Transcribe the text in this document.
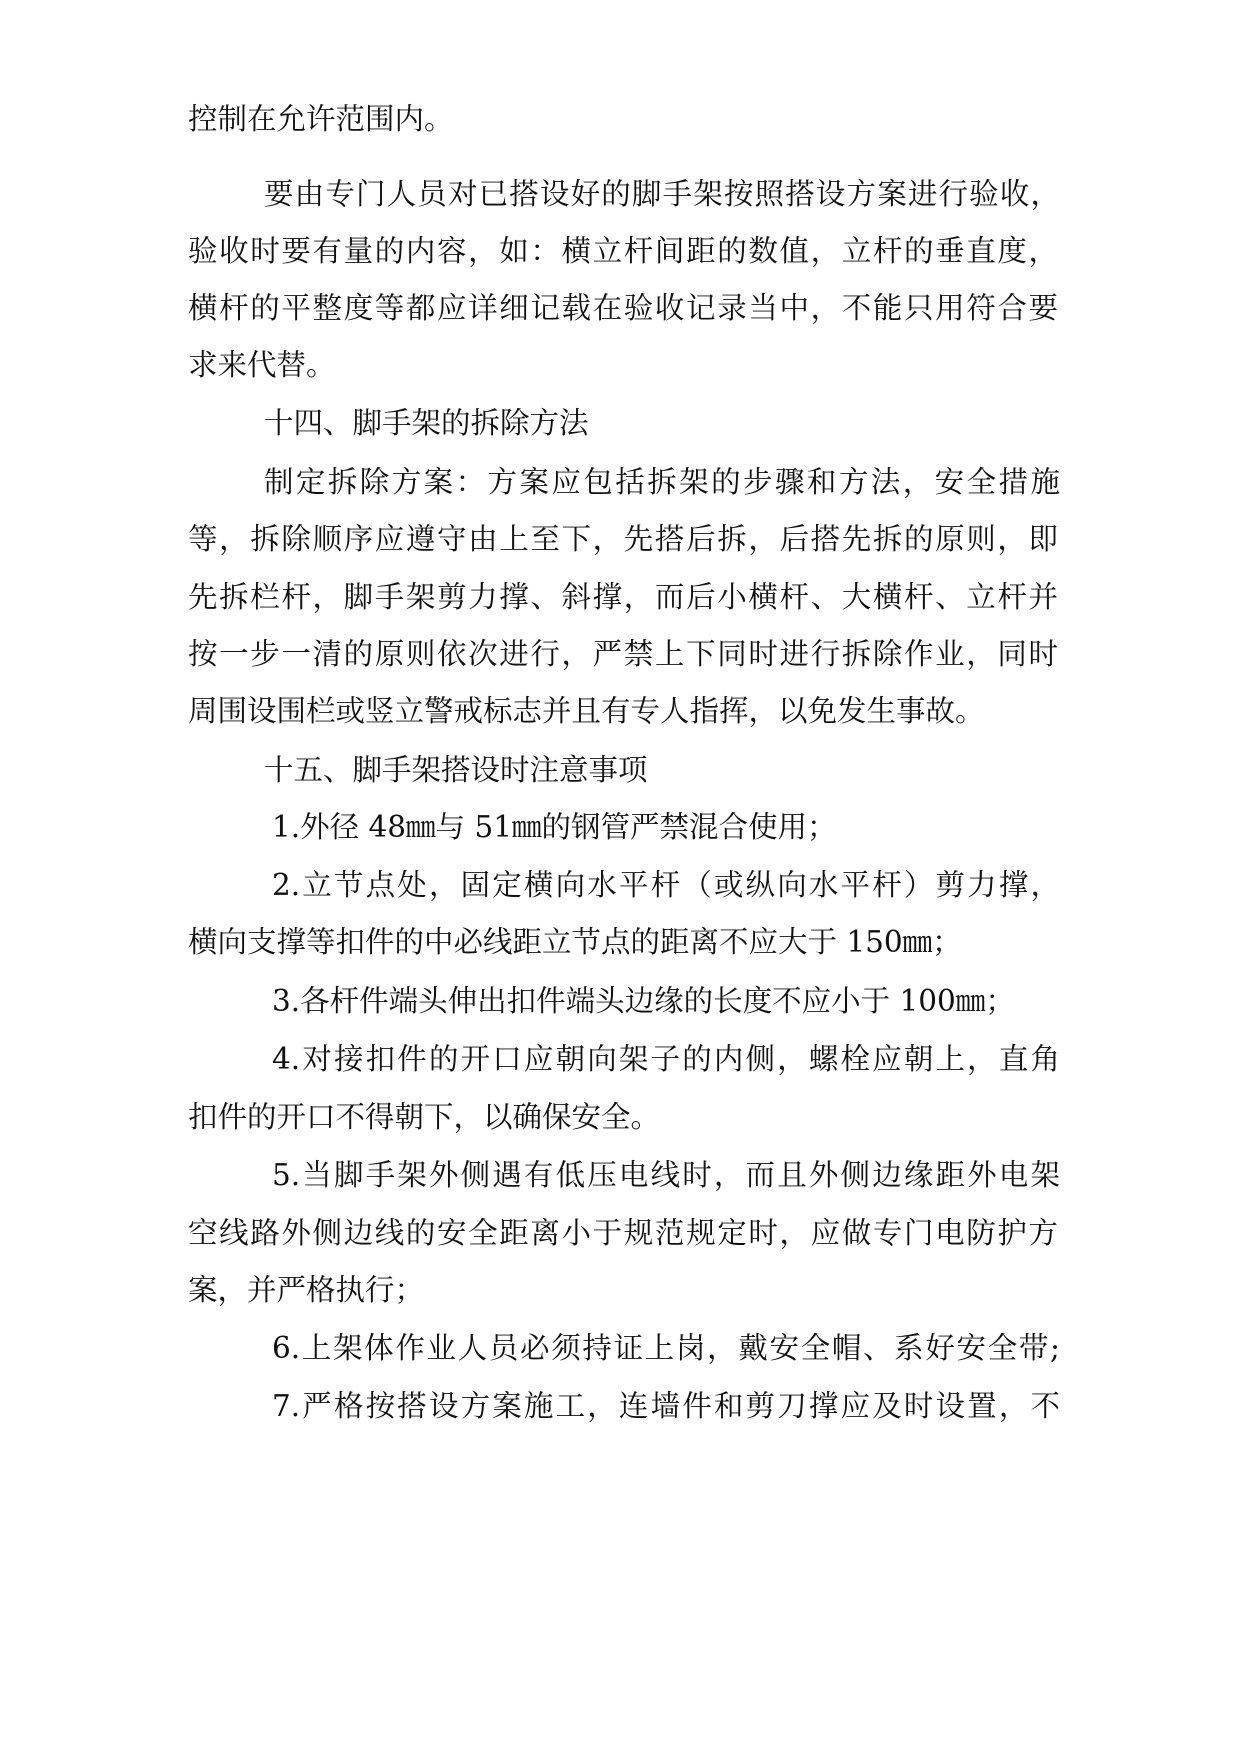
控制在允许范围内。
要由专门人员对已搭设好的脚手架按照搭设方案进行验收，
验收时要有量的内容，如：横立杆间距的数值，立杆的垂直度，
横杆的平整度等都应详细记载在验收记录当中，不能只用符合要
求来代替。
十四、脚手架的拆除方法
制定拆除方案：方案应包括拆架的步骤和方法，安全措施
等，拆除顺序应遵守由上至下，先搭后拆，后搭先拆的原则，即
先拆栏杆，脚手架剪力撑、斜撑，而后小横杆、大横杆、立杆并
按一步一清的原则依次进行，严禁上下同时进行拆除作业，同时
周围设围栏或竖立警戒标志并且有专人指挥，以免发生事故。
十五、脚手架搭设时注意事项
1.外径 48㎜与 51㎜的钢管严禁混合使用；
2.立节点处，固定横向水平杆（或纵向水平杆）剪力撑，
横向支撑等扣件的中必线距立节点的距离不应大于 150㎜；
3.各杆件端头伸出扣件端头边缘的长度不应小于 100㎜；
4.对接扣件的开口应朝向架子的内侧，螺栓应朝上，直角
扣件的开口不得朝下，以确保安全。
5.当脚手架外侧遇有低压电线时，而且外侧边缘距外电架
空线路外侧边线的安全距离小于规范规定时，应做专门电防护方
案，并严格执行；
6.上架体作业人员必须持证上岗，戴安全帽、系好安全带;
7.严格按搭设方案施工，连墙件和剪刀撑应及时设置，不
